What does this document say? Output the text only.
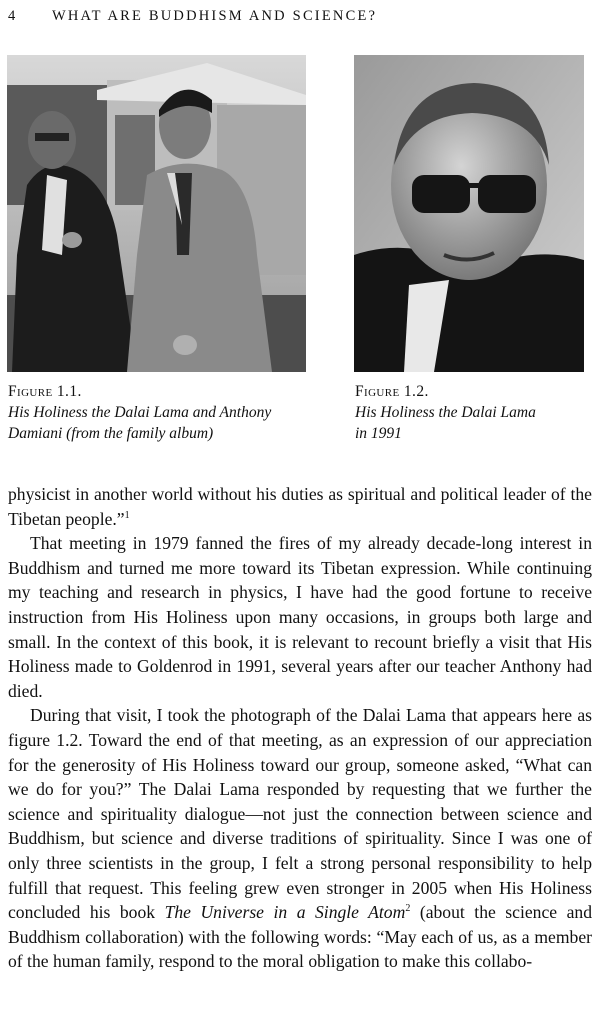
4	WHAT ARE BUDDHISM AND SCIENCE?
Figure 1.1.
His Holiness the Dalai Lama and Anthony
Damiani (from the family album)
Figure 1.2.
His Holiness the Dalai Lama
in 1991

physicist in another world without his duties as spiritual and political leader of the Tibetan people.”$^1$

That meeting in 1979 fanned the fires of my already decade-long interest in Buddhism and turned me more toward its Tibetan expression. While continuing my teaching and research in physics, I have had the good fortune to receive instruction from His Holiness upon many occasions, in groups both large and small. In the context of this book, it is relevant to recount briefly a visit that His Holiness made to Goldenrod in 1991, several years after our teacher Anthony had died.

During that visit, I took the photograph of the Dalai Lama that appears here as figure 1.2. Toward the end of that meeting, as an expression of our appreciation for the generosity of His Holiness toward our group, someone asked, “What can we do for you?” The Dalai Lama responded by requesting that we further the science and spirituality dialogue—not just the connection between science and Buddhism, but science and diverse traditions of spirituality. Since I was one of only three scientists in the group, I felt a strong personal responsibility to help fulfill that request. This feeling grew even stronger in 2005 when His Holiness concluded his book The Universe in a Single Atom$^2$ (about the science and Buddhism collaboration) with the following words: “May each of us, as a member of the human family, respond to the moral obligation to make this collabo-
